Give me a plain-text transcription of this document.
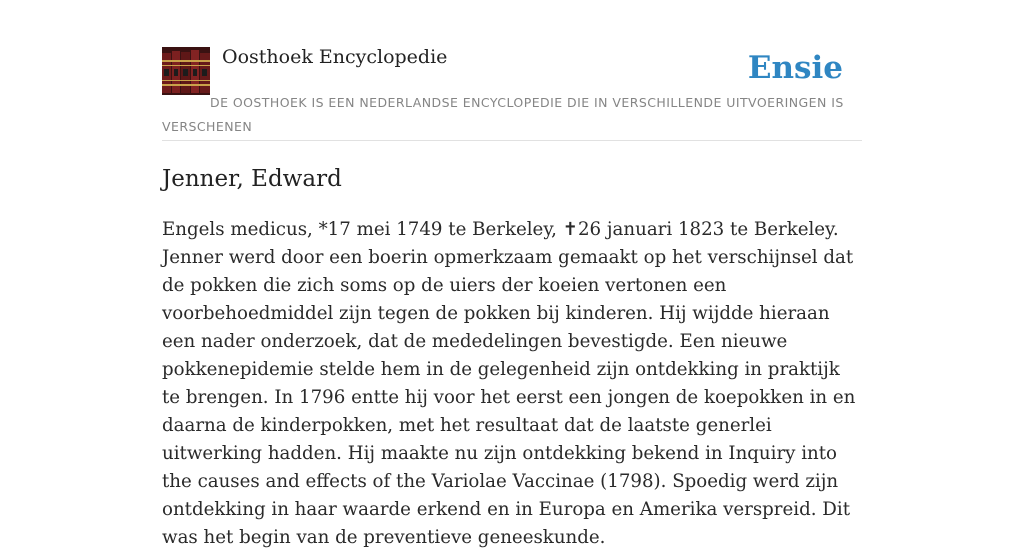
Oosthoek Encyclopedie	Ensie
DE OOSTHOEK IS EEN NEDERLANDSE ENCYCLOPEDIE DIE IN VERSCHILLENDE UITVOERINGEN IS VERSCHENEN
Jenner, Edward

Engels medicus, *17 mei 1749 te Berkeley, ✝26 januari 1823 te Berkeley. Jenner werd door een boerin opmerkzaam gemaakt op het verschijnsel dat de pokken die zich soms op de uiers der koeien vertonen een voorbehoedmiddel zijn tegen de pokken bij kinderen. Hij wijdde hieraan een nader onderzoek, dat de mededelingen bevestigde. Een nieuwe pokkenepidemie stelde hem in de gelegenheid zijn ontdekking in praktijk te brengen. In 1796 entte hij voor het eerst een jongen de koepokken in en daarna de kinderpokken, met het resultaat dat de laatste generlei uitwerking hadden. Hij maakte nu zijn ontdekking bekend in Inquiry into the causes and effects of the Variolae Vaccinae (1798). Spoedig werd zijn ontdekking in haar waarde erkend en in Europa en Amerika verspreid. Dit was het begin van de preventieve geneeskunde.
